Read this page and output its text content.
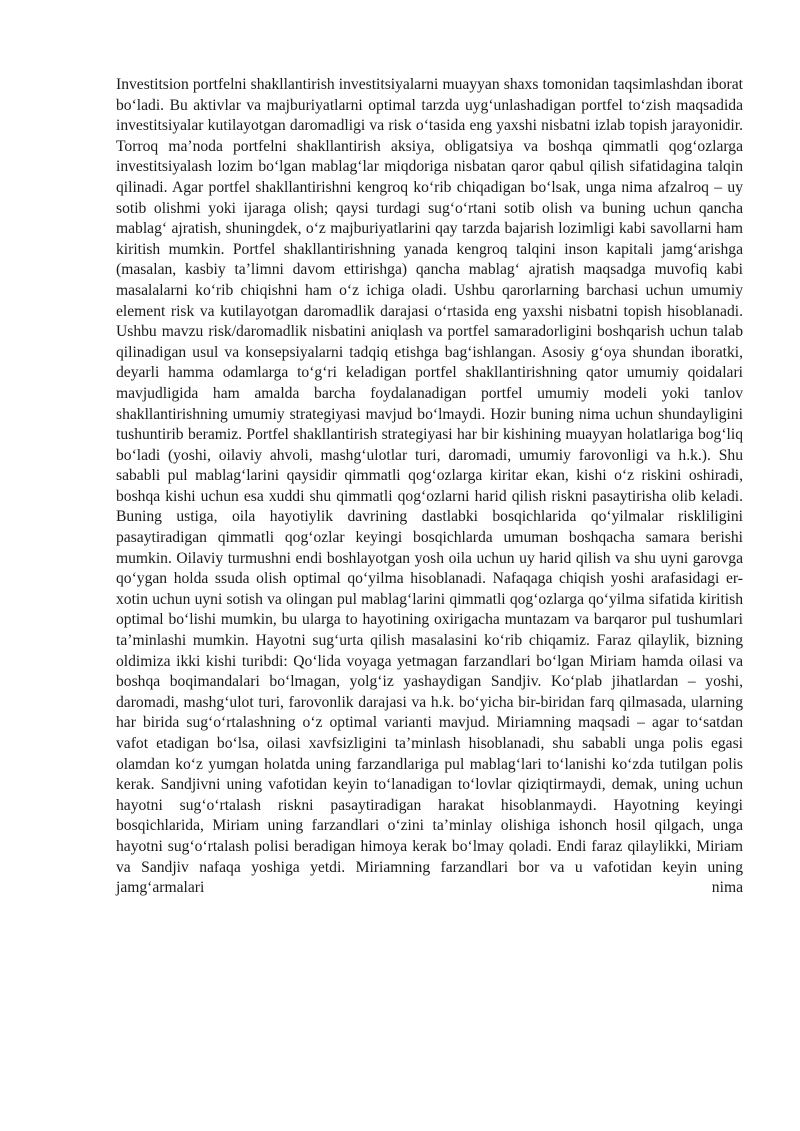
Investitsion portfelni shakllantirish investitsiyalarni muayyan shaxs tomonidan taqsimlashdan iborat bo‘ladi. Bu aktivlar va majburiyatlarni optimal tarzda uyg‘unlashadigan portfel to‘zish maqsadida investitsiyalar kutilayotgan daromadligi va risk o‘tasida eng yaxshi nisbatni izlab topish jarayonidir. Torroq ma’noda portfelni shakllantirish aksiya, obligatsiya va boshqa qimmatli qog‘ozlarga investitsiyalash lozim bo‘lgan mablag‘lar miqdoriga nisbatan qaror qabul qilish sifatidagina talqin qilinadi. Agar portfel shakllantirishni kengroq ko‘rib chiqadigan bo‘lsak, unga nima afzalroq – uy sotib olishmi yoki ijaraga olish; qaysi turdagi sug‘o‘rtani sotib olish va buning uchun qancha mablag‘ ajratish, shuningdek, o‘z majburiyatlarini qay tarzda bajarish lozimligi kabi savollarni ham kiritish mumkin. Portfel shakllantirishning yanada kengroq talqini inson kapitali jamg‘arishga (masalan, kasbiy ta’limni davom ettirishga) qancha mablag‘ ajratish maqsadga muvofiq kabi masalalarni ko‘rib chiqishni ham o‘z ichiga oladi. Ushbu qarorlarning barchasi uchun umumiy element risk va kutilayotgan daromadlik darajasi o‘rtasida eng yaxshi nisbatni topish hisoblanadi. Ushbu mavzu risk/daromadlik nisbatini aniqlash va portfel samaradorligini boshqarish uchun talab qilinadigan usul va konsepsiyalarni tadqiq etishga bag‘ishlangan. Asosiy g‘oya shundan iboratki, deyarli hamma odamlarga to‘g‘ri keladigan portfel shakllantirishning qator umumiy qoidalari mavjudligida ham amalda barcha foydalanadigan portfel umumiy modeli yoki tanlov shakllantirishning umumiy strategiyasi mavjud bo‘lmaydi. Hozir buning nima uchun shundayligini tushuntirib beramiz. Portfel shakllantirish strategiyasi har bir kishining muayyan holatlariga bog‘liq bo‘ladi (yoshi, oilaviy ahvoli, mashg‘ulotlar turi, daromadi, umumiy farovonligi va h.k.). Shu sababli pul mablag‘larini qaysidir qimmatli qog‘ozlarga kiritar ekan, kishi o‘z riskini oshiradi, boshqa kishi uchun esa xuddi shu qimmatli qog‘ozlarni harid qilish riskni pasaytirisha olib keladi. Buning ustiga, oila hayotiylik davrining dastlabki bosqichlarida qo‘yilmalar riskliligini pasaytiradigan qimmatli qog‘ozlar keyingi bosqichlarda umuman boshqacha samara berishi mumkin. Oilaviy turmushni endi boshlayotgan yosh oila uchun uy harid qilish va shu uyni garovga qo‘ygan holda ssuda olish optimal qo‘yilma hisoblanadi. Nafaqaga chiqish yoshi arafasidagi er-xotin uchun uyni sotish va olingan pul mablag‘larini qimmatli qog‘ozlarga qo‘yilma sifatida kiritish optimal bo‘lishi mumkin, bu ularga to hayotining oxirigacha muntazam va barqaror pul tushumlari ta’minlashi mumkin. Hayotni sug‘urta qilish masalasini ko‘rib chiqamiz. Faraz qilaylik, bizning oldimiza ikki kishi turibdi: Qo‘lida voyaga yetmagan farzandlari bo‘lgan Miriam hamda oilasi va boshqa boqimandalari bo‘lmagan, yolg‘iz yashaydigan Sandjiv. Ko‘plab jihatlardan – yoshi, daromadi, mashg‘ulot turi, farovonlik darajasi va h.k. bo‘yicha bir-biridan farq qilmasada, ularning har birida sug‘o‘rtalashning o‘z optimal varianti mavjud. Miriamning maqsadi – agar to‘satdan vafot etadigan bo‘lsa, oilasi xavfsizligini ta’minlash hisoblanadi, shu sababli unga polis egasi olamdan ko‘z yumgan holatda uning farzandlariga pul mablag‘lari to‘lanishi ko‘zda tutilgan polis kerak. Sandjivni uning vafotidan keyin to‘lanadigan to‘lovlar qiziqtirmaydi, demak, uning uchun hayotni sug‘o‘rtalash riskni pasaytiradigan harakat hisoblanmaydi. Hayotning keyingi bosqichlarida, Miriam uning farzandlari o‘zini ta’minlay olishiga ishonch hosil qilgach, unga hayotni sug‘o‘rtalash polisi beradigan himoya kerak bo‘lmay qoladi. Endi faraz qilaylikki, Miriam va Sandjiv nafaqa yoshiga yetdi. Miriamning farzandlari bor va u vafotidan keyin uning jamg‘armalari nima
